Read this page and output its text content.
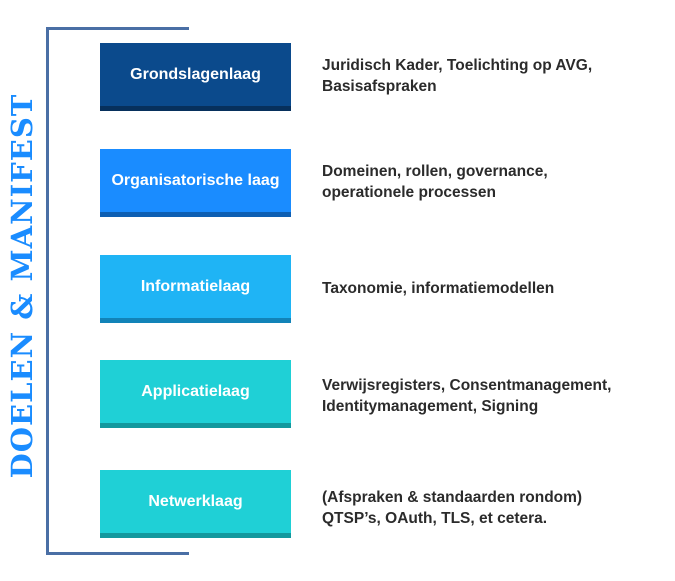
DOELEN & MANIFEST
Grondslagenlaag	Juridisch Kader, Toelichting op AVG,
Basisafspraken
Organisatorische laag	Domeinen, rollen, governance,
operationele processen
Informatielaag	Taxonomie, informatiemodellen
Applicatielaag	Verwijsregisters, Consentmanagement,
Identitymanagement, Signing
Netwerklaag	(Afspraken & standaarden rondom)
QTSP’s, OAuth, TLS, et cetera.
